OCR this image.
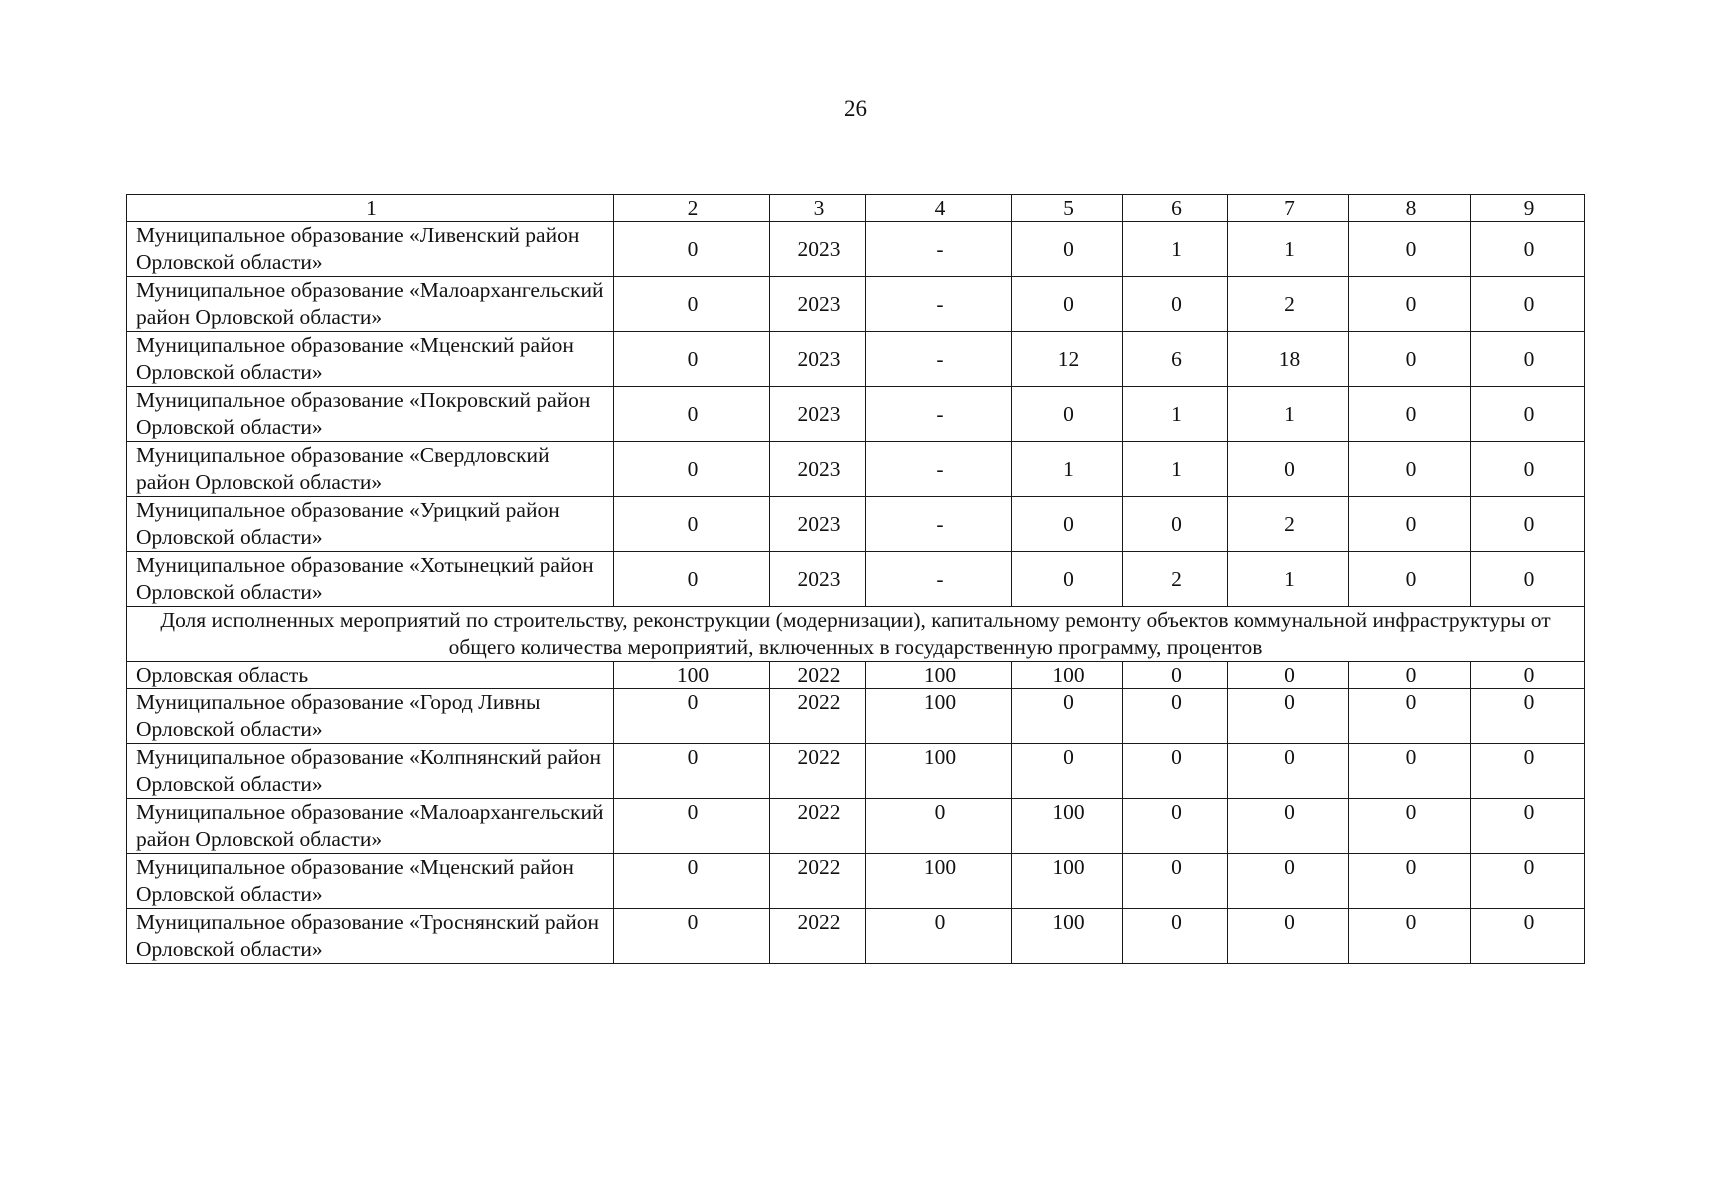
26
1	2	3	4	5	6	7	8	9
Муниципальное образование «Ливенский район Орловской области»	0	2023	-	0	1	1	0	0
Муниципальное образование «Малоархангельский район Орловской области»	0	2023	-	0	0	2	0	0
Муниципальное образование «Мценский район Орловской области»	0	2023	-	12	6	18	0	0
Муниципальное образование «Покровский район Орловской области»	0	2023	-	0	1	1	0	0
Муниципальное образование «Свердловский район Орловской области»	0	2023	-	1	1	0	0	0
Муниципальное образование «Урицкий район Орловской области»	0	2023	-	0	0	2	0	0
Муниципальное образование «Хотынецкий район Орловской области»	0	2023	-	0	2	1	0	0
Доля исполненных мероприятий по строительству, реконструкции (модернизации), капитальному ремонту объектов коммунальной инфраструктуры от общего количества мероприятий, включенных в государственную программу, процентов								
Орловская область	100	2022	100	100	0	0	0	0
Муниципальное образование «Город Ливны Орловской области»	0	2022	100	0	0	0	0	0
Муниципальное образование «Колпнянский район Орловской области»	0	2022	100	0	0	0	0	0
Муниципальное образование «Малоархангельский район Орловской области»	0	2022	0	100	0	0	0	0
Муниципальное образование «Мценский район Орловской области»	0	2022	100	100	0	0	0	0
Муниципальное образование «Троснянский район Орловской области»	0	2022	0	100	0	0	0	0
